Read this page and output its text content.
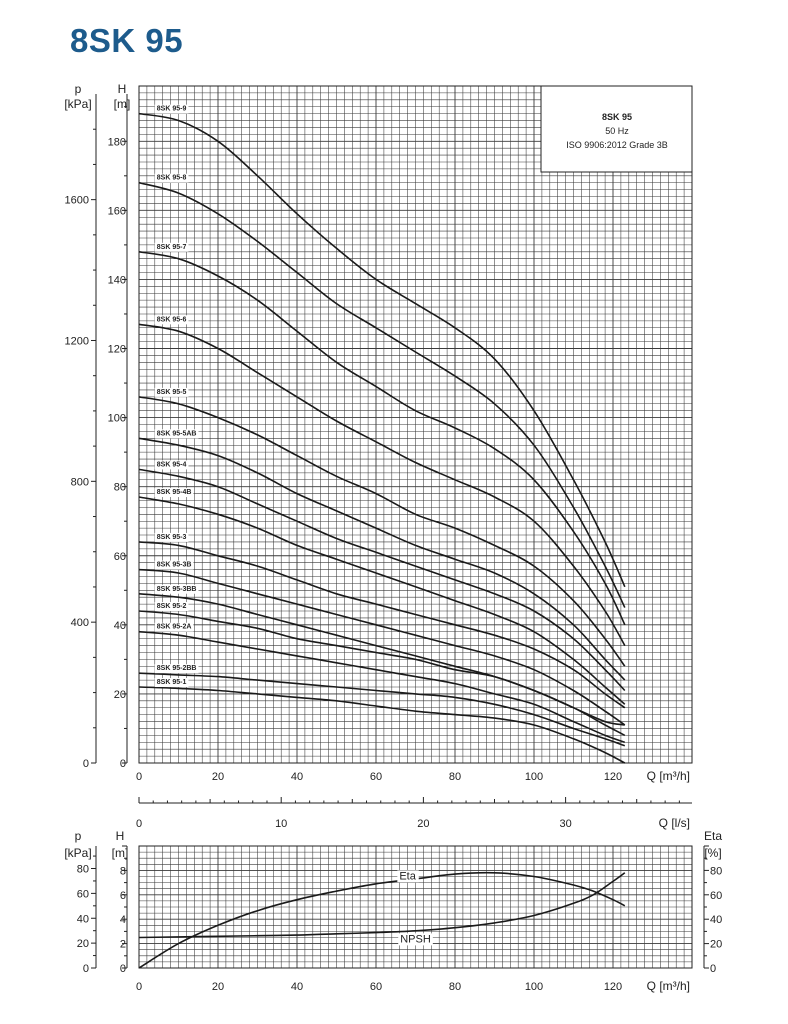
8SK 95
0	20	40	60	80	100	120 Q [m³/h]
0
20
40
60
80
100
120
140
160
180
H
[m]
0
400
800
1200
1600
p
[kPa]	8SK 95-9
8SK 95-8
8SK 95-7
8SK 95-6
8SK 95-5
8SK 95-5AB
8SK 95-4
8SK 95-4B
8SK 95-3
8SK 95-3B
8SK 95-3BB
8SK 95-2
8SK 95-2A
8SK 95-2BB
8SK 95-1
8SK 95
50 Hz
ISO 9906:2012 Grade 3B
0	10	20	30	Q [l/s]
0	20	40	60	80	100	120 Q [m³/h]
0
2
4
6
8
H
[m]
0
20
40
60
80
p
[kPa]
0
20
40
60
80
Eta
[%]
Eta
NPSH
